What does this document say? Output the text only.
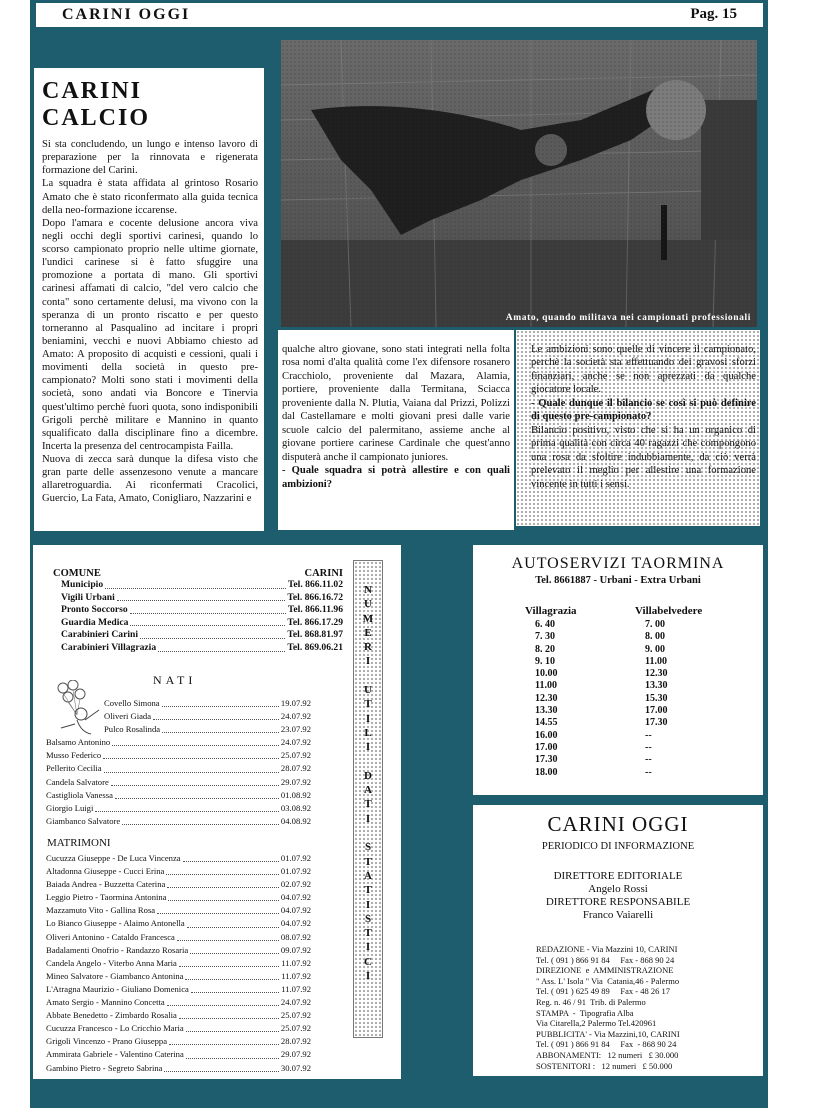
CARINI OGGI	Pag. 15
CARINI CALCIO

Si sta concludendo, un lungo e intenso lavoro di preparazione per la rinnovata e rigenerata formazione del Carini.

La squadra è stata affidata al grintoso Rosario Amato che è stato riconfermato alla guida tecnica della neo-formazione iccarense.

Dopo l'amara e cocente delusione ancora viva negli occhi degli sportivi carinesi, quando lo scorso campionato proprio nelle ultime giornate, l'undici carinese si è fatto sfuggire una promozione a portata di mano. Gli sportivi carinesi affamati di calcio, "del vero calcio che conta" sono certamente delusi, ma vivono con la speranza di un pronto riscatto e per questo torneranno al Pasqualino ad incitare i propri beniamini, vecchi e nuovi Abbiamo chiesto ad Amato: A proposito di acquisti e cessioni, quali i movimenti della società in questo pre-campionato? Molti sono stati i movimenti della società, sono andati via Boncore e Tinervia quest'ultimo perchè fuori quota, sono indisponibili Grigoli perchè militare e Mannino in quanto squalificato dalla disciplinare fino a dicembre. Incerta la presenza del centrocampista Failla.

Nuova di zecca sarà dunque la difesa visto che gran parte delle assenzesono venute a mancare allaretroguardia. Ai riconfermati Cracolici, Guercio, La Fata, Amato, Conigliaro, Nazzarini e

Amato, quando militava nei campionati professionali
qualche altro giovane, sono stati integrati nella folta rosa nomi d'alta qualità come l'ex difensore rosanero Cracchiolo, proveniente dal Mazara, Alamia, portiere, proveniente dalla Termitana, Sciacca proveniente dalla N. Plutia, Vaiana dal Prizzi, Polizzi dal Castellamare e molti giovani presi dalle varie scuole calcio del palermitano, assieme anche al giovane portiere carinese Cardinale che quest'anno disputerà anche il campionato juniores.
- Quale squadra si potrà allestire e con quali ambizioni?
Le ambizioni sono quelle di vincere il campionato, perchè la società sta effettuando dei gravosi sforzi finanziari, anche se non aprezzati da qualche giocatore locale.
- Quale dunque il bilancio se così si può definire di questo pre-campionato?
Bilancio positivo, visto che si ha un organico di prima qualità con circa 40 ragazzi che compongono una rosa da sfoltire indubbiamente, da ciò verrà prelevato il meglio per allestire una formazione vincente in tutti i sensi.
COMUNE	CARINI
Municipio	Tel. 866.11.02
Vigili Urbani	Tel. 866.16.72
Pronto Soccorso	Tel. 866.11.96
Guardia Medica	Tel. 866.17.29
Carabinieri Carini	Tel. 868.81.97
Carabinieri Villagrazia	Tel. 869.06.21
NATI
Covello Simona	19.07.92
Oliveri Giada	24.07.92
Pulco Rosalinda	23.07.92
Balsamo Antonino	24.07.92
Musso Federico	25.07.92
Pellerito Cecilia	28.07.92
Candela Salvatore	29.07.92
Castigliola Vanessa	01.08.92
Giorgio Luigi	03.08.92
Giambanco Salvatore	04.08.92
MATRIMONI
Cucuzza Giuseppe - De Luca Vincenza	01.07.92
Altadonna Giuseppe - Cucci Erina	01.07.92
Baiada Andrea - Buzzetta Caterina	02.07.92
Leggio Pietro - Taormina Antonina	04.07.92
Mazzamuto Vito - Gallina Rosa	04.07.92
Lo Bianco Giuseppe - Alaimo Antonella	04.07.92
Oliveri Antonino - Cataldo Francesca	08.07.92
Badalamenti Onofrio - Randazzo Rosaria	09.07.92
Candela Angelo - Viterbo Anna Maria	11.07.92
Mineo Salvatore - Giambanco Antonina	11.07.92
L'Atragna Maurizio - Giuliano Domenica	11.07.92
Amato Sergio - Mannino Concetta	24.07.92
Abbate Benedetto - Zimbardo Rosalia	25.07.92
Cucuzza Francesco - Lo Cricchio Maria	25.07.92
Grigoli Vincenzo - Prano Giuseppa	28.07.92
Ammirata Gabriele - Valentino Caterina	29.07.92
Gambino Pietro - Segreto Sabrina	30.07.92
N
U
M
E
R
I

U
T
I
L
I

D
A
T
I

S
T
A
T
I
S
T
I
C
I
AUTOSERVIZI TAORMINA
Tel. 8661887 - Urbani - Extra Urbani
Villagrazia	Villabelvedere
6. 40	7. 00
7. 30	8. 00
8. 20	9. 00
9. 10	11.00
10.00	12.30
11.00	13.30
12.30	15.30
13.30	17.00
14.55	17.30
16.00	--
17.00	--
17.30	--
18.00	--
CARINI OGGI
PERIODICO DI INFORMAZIONE
DIRETTORE EDITORIALE
Angelo Rossi
DIRETTORE RESPONSABILE
Franco Vaiarelli
REDAZIONE - Via Mazzini 10, CARINI
Tel. ( 091 ) 866 91 84     Fax - 868 90 24
DIREZIONE  e  AMMINISTRAZIONE
" Ass. L' Isola " Via  Catania,46 - Palermo
Tel. ( 091 ) 625 49 89     Fax - 48 26 17
Reg. n. 46 / 91  Trib. di Palermo
STAMPA  -  Tipografia Alba
Via Citarella,2 Palermo Tel.420961
PUBBLICITA' - Via Mazzini,10, CARINI
Tel. ( 091 ) 866 91 84     Fax  - 868 90 24
ABBONAMENTI:   12 numeri   £ 30.000
SOSTENITORI :   12 numeri   £ 50.000
